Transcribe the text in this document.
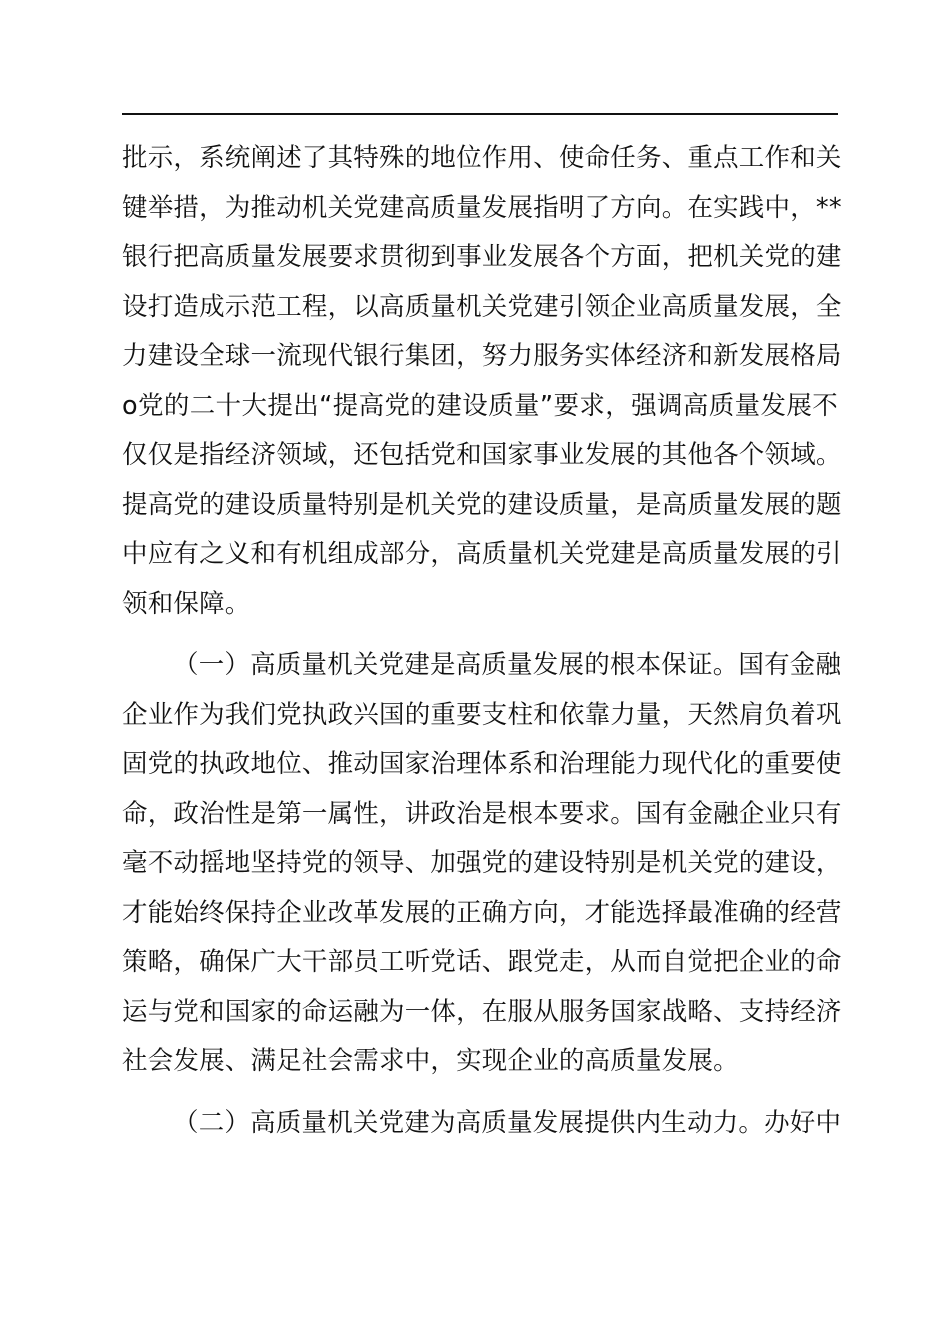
批示，系统阐述了其特殊的地位作用、使命任务、重点工作和关
键举措，为推动机关党建高质量发展指明了方向。在实践中，**
银行把高质量发展要求贯彻到事业发展各个方面，把机关党的建
设打造成示范工程，以高质量机关党建引领企业高质量发展，全
力建设全球一流现代银行集团，努力服务实体经济和新发展格局
o党的二十大提出“提高党的建设质量”要求，强调高质量发展不
仅仅是指经济领域，还包括党和国家事业发展的其他各个领域。
提高党的建设质量特别是机关党的建设质量，是高质量发展的题
中应有之义和有机组成部分，高质量机关党建是高质量发展的引
领和保障。
（一）高质量机关党建是高质量发展的根本保证。国有金融
企业作为我们党执政兴国的重要支柱和依靠力量，天然肩负着巩
固党的执政地位、推动国家治理体系和治理能力现代化的重要使
命，政治性是第一属性，讲政治是根本要求。国有金融企业只有
毫不动摇地坚持党的领导、加强党的建设特别是机关党的建设，
才能始终保持企业改革发展的正确方向，才能选择最准确的经营
策略，确保广大干部员工听党话、跟党走，从而自觉把企业的命
运与党和国家的命运融为一体，在服从服务国家战略、支持经济
社会发展、满足社会需求中，实现企业的高质量发展。
（二）高质量机关党建为高质量发展提供内生动力。办好中
